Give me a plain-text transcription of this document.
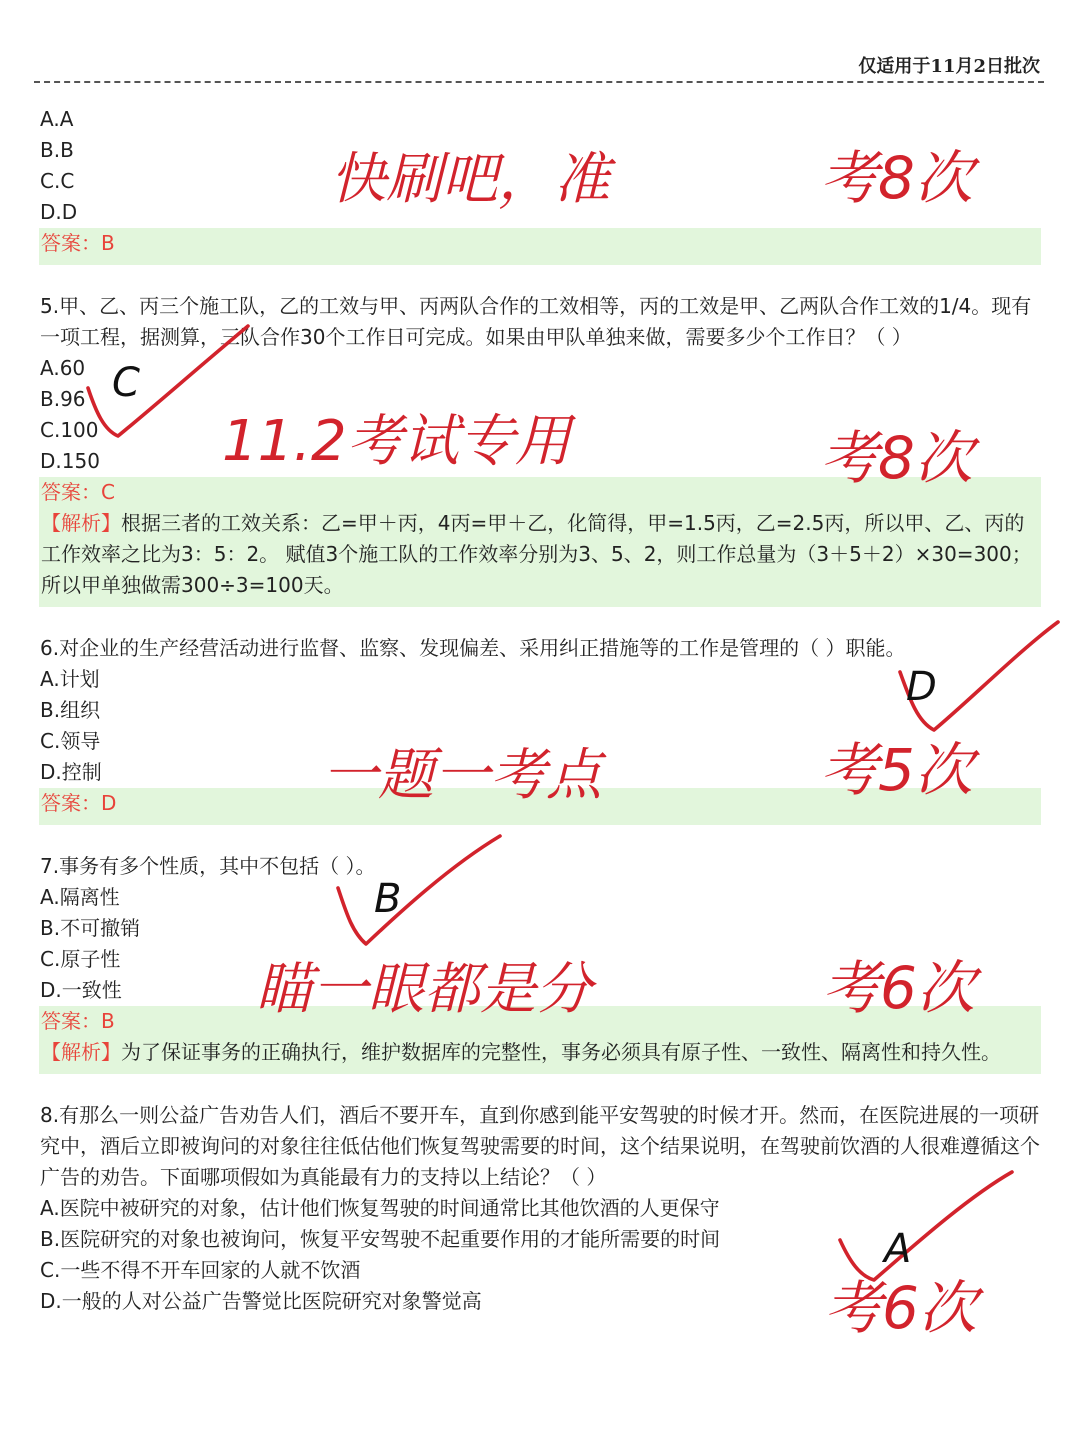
仅适用于11月2日批次
A.A
B.B
C.C
D.D
答案：B
5.甲、乙、丙三个施工队，乙的工效与甲、丙两队合作的工效相等，丙的工效是甲、乙两队合作工效的1/4。现有一项工程，据测算，三队合作30个工作日可完成。如果由甲队单独来做，需要多少个工作日？（ ）
A.60
B.96
C.100
D.150
答案：C
【解析】根据三者的工效关系：乙=甲＋丙，4丙=甲＋乙，化简得，甲=1.5丙，乙=2.5丙，所以甲、乙、丙的工作效率之比为3：5：2。 赋值3个施工队的工作效率分别为3、5、2，则工作总量为（3＋5＋2）×30=300； 所以甲单独做需300÷3=100天。
6.对企业的生产经营活动进行监督、监察、发现偏差、采用纠正措施等的工作是管理的（ ）职能。
A.计划
B.组织
C.领导
D.控制
答案：D
7.事务有多个性质，其中不包括（ ）。
A.隔离性
B.不可撤销
C.原子性
D.一致性
答案：B
【解析】为了保证事务的正确执行，维护数据库的完整性，事务必须具有原子性、一致性、隔离性和持久性。
8.有那么一则公益广告劝告人们，酒后不要开车，直到你感到能平安驾驶的时候才开。然而，在医院进展的一项研究中，酒后立即被询问的对象往往低估他们恢复驾驶需要的时间，这个结果说明，在驾驶前饮酒的人很难遵循这个广告的劝告。下面哪项假如为真能最有力的支持以上结论？（ ）
A.医院中被研究的对象，估计他们恢复驾驶的时间通常比其他饮酒的人更保守
B.医院研究的对象也被询问，恢复平安驾驶不起重要作用的才能所需要的时间
C.一些不得不开车回家的人就不饮酒
D.一般的人对公益广告警觉比医院研究对象警觉高
快刷吧，准	考8次
11.2考试专用	考8次
一题一考点	考5次
瞄一眼都是分	考6次
考6次
C
D
B
A
